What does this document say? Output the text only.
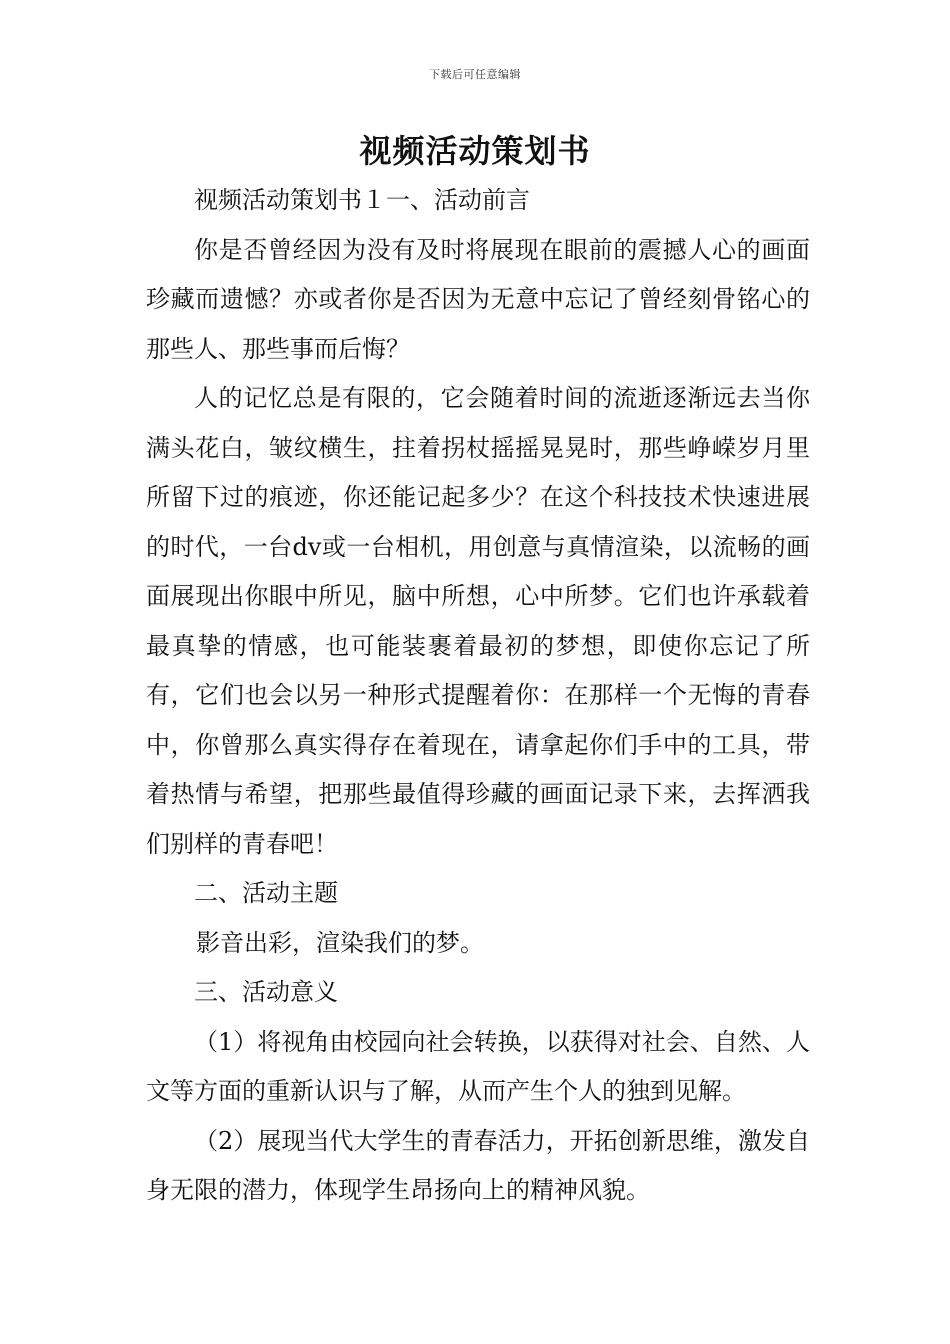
下载后可任意编辑
视频活动策划书

视频活动策划书１一、活动前言

你是否曾经因为没有及时将展现在眼前的震撼人心的画面珍藏而遗憾？亦或者你是否因为无意中忘记了曾经刻骨铭心的那些人、那些事而后悔？

人的记忆总是有限的，它会随着时间的流逝逐渐远去当你满头花白，皱纹横生，拄着拐杖摇摇晃晃时，那些峥嵘岁月里所留下过的痕迹，你还能记起多少？在这个科技技术快速进展的时代，一台dv或一台相机，用创意与真情渲染，以流畅的画面展现出你眼中所见，脑中所想，心中所梦。它们也许承载着最真挚的情感，也可能装裹着最初的梦想，即使你忘记了所有，它们也会以另一种形式提醒着你：在那样一个无悔的青春中，你曾那么真实得存在着现在，请拿起你们手中的工具，带着热情与希望，把那些最值得珍藏的画面记录下来，去挥洒我们别样的青春吧！

二、活动主题

影音出彩，渲染我们的梦。

三、活动意义

（1）将视角由校园向社会转换，以获得对社会、自然、人文等方面的重新认识与了解，从而产生个人的独到见解。

（2）展现当代大学生的青春活力，开拓创新思维，激发自身无限的潜力，体现学生昂扬向上的精神风貌。
